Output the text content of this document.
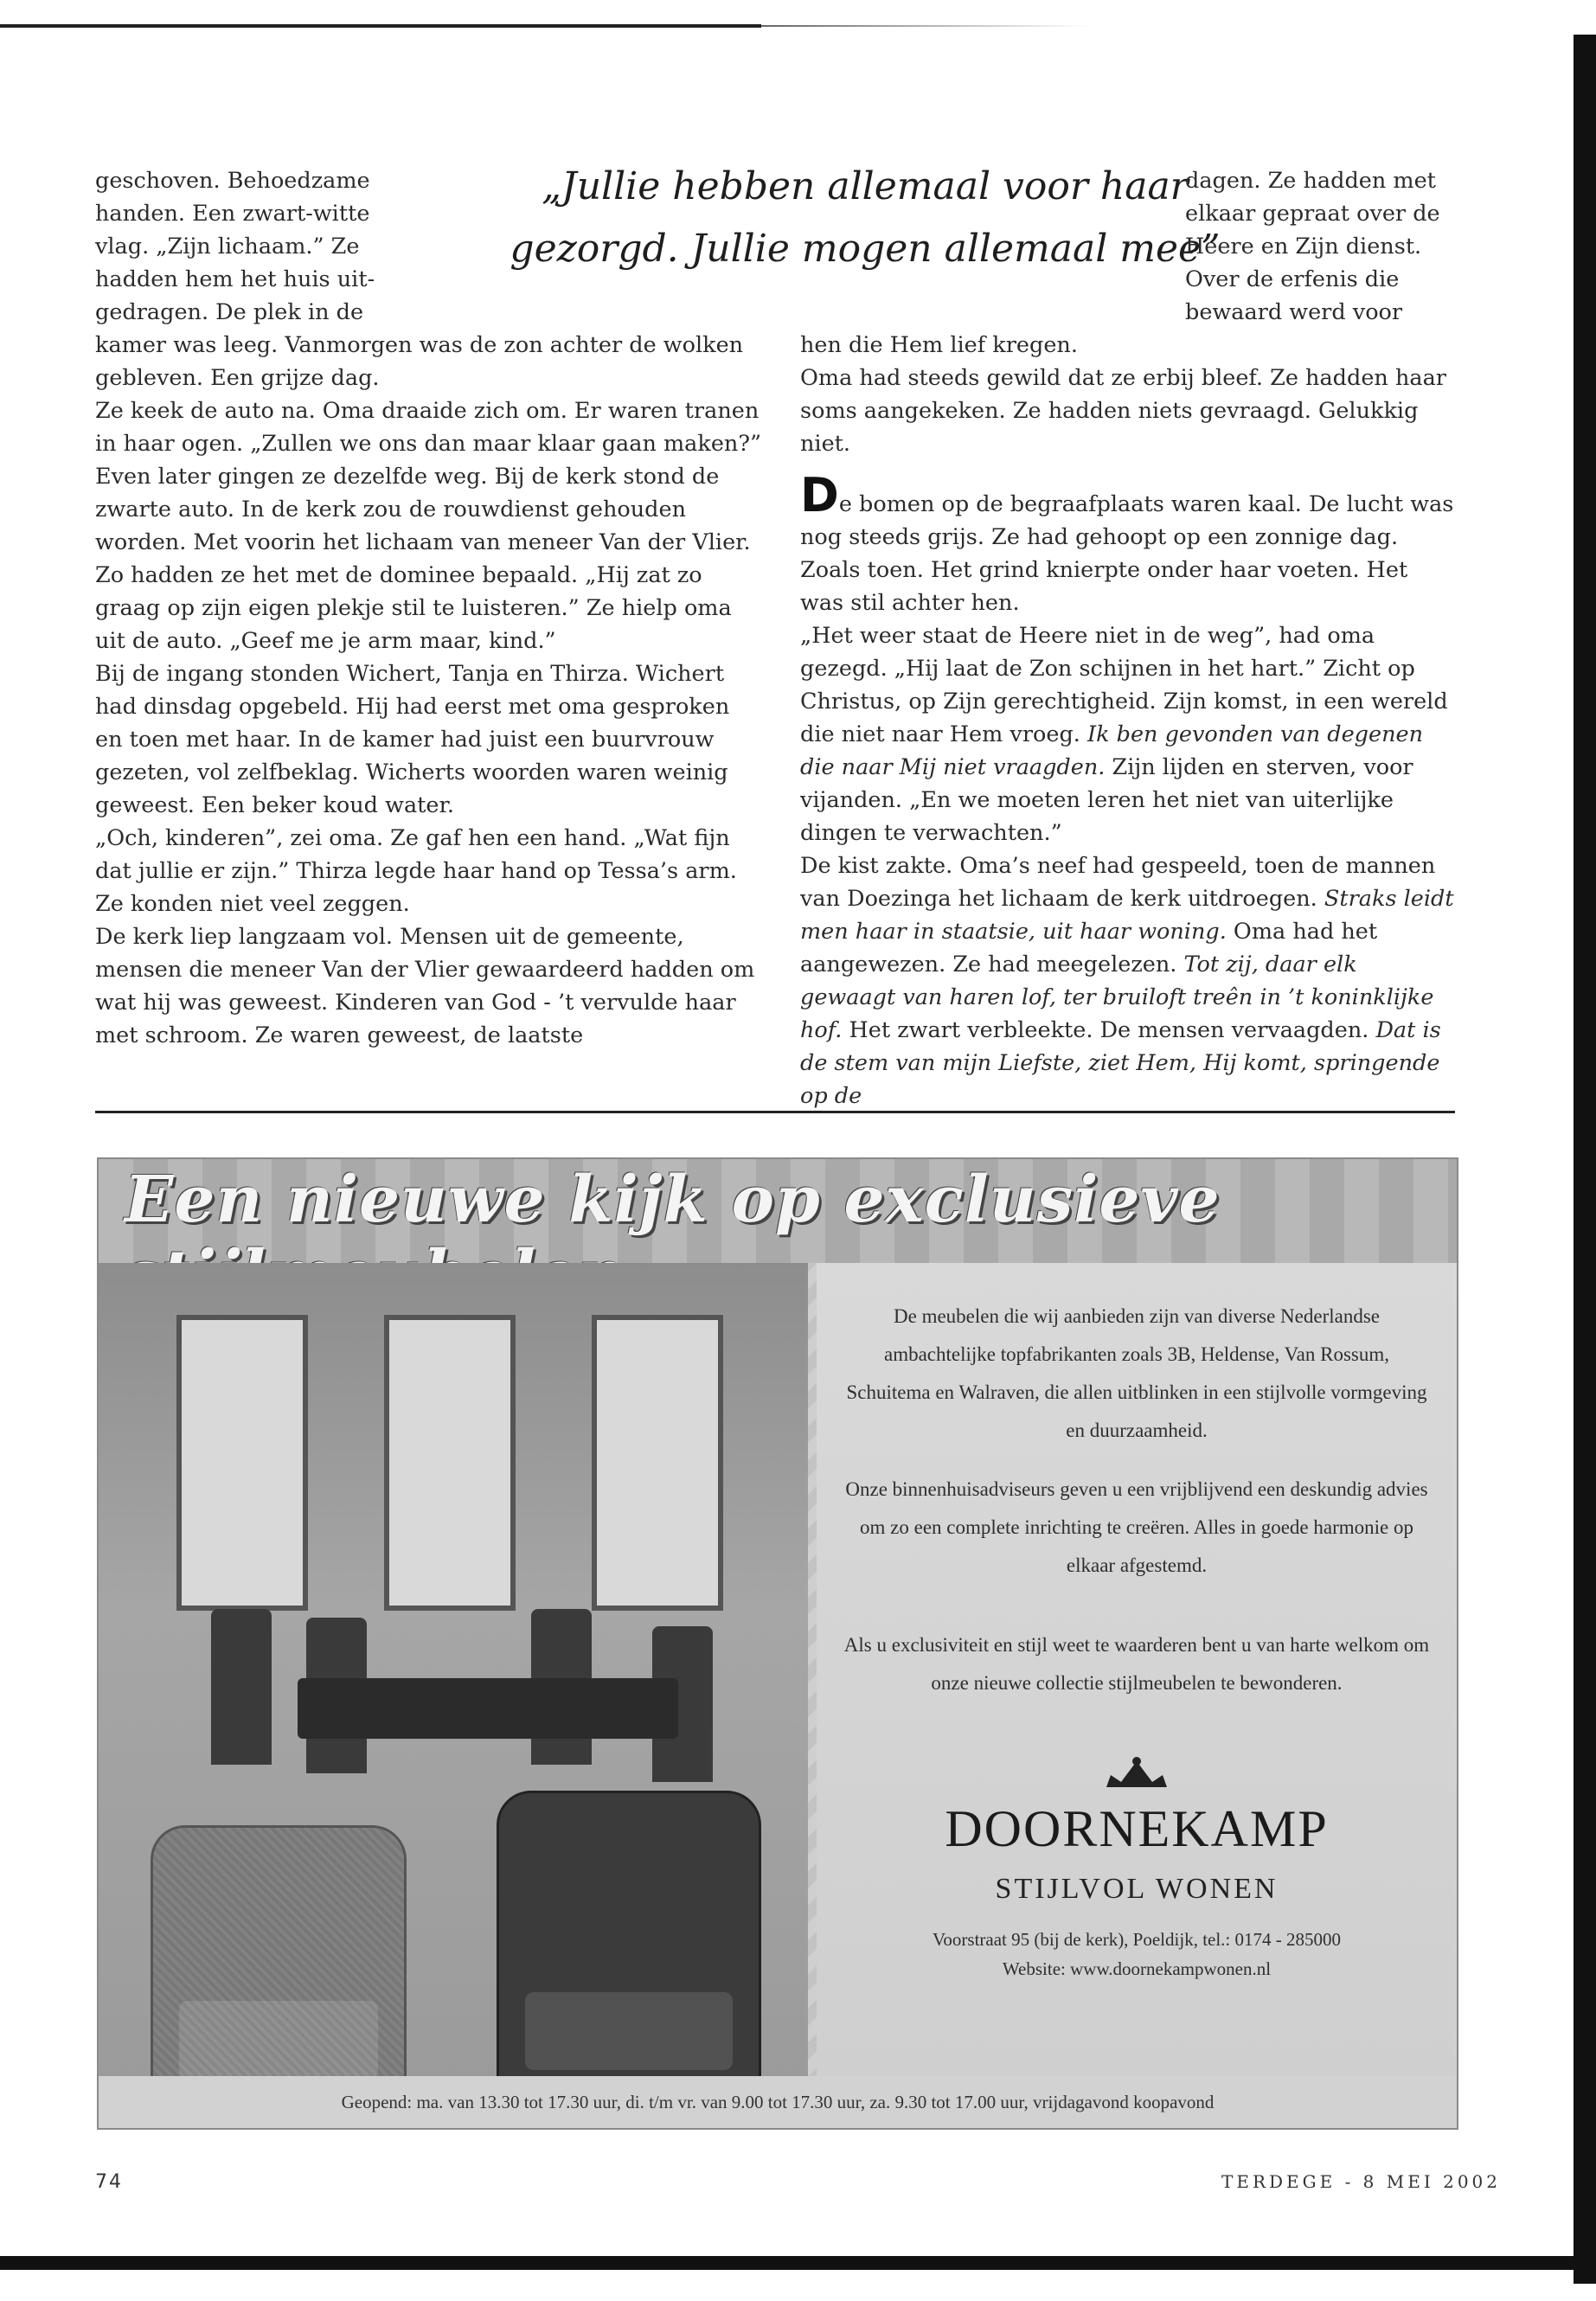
„Jullie hebben allemaal voor haar
gezorgd. Jullie mogen allemaal mee”

geschoven. Behoedzame

handen. Een zwart-witte

vlag. „Zijn lichaam.” Ze

hadden hem het huis uit-

gedragen. De plek in de

kamer was leeg. Vanmorgen was de zon achter de wolken gebleven. Een grijze dag.

Ze keek de auto na. Oma draaide zich om. Er waren tranen in haar ogen. „Zullen we ons dan maar klaar gaan maken?”

Even later gingen ze dezelfde weg. Bij de kerk stond de zwarte auto. In de kerk zou de rouwdienst gehouden worden. Met voorin het lichaam van meneer Van der Vlier. Zo hadden ze het met de dominee bepaald. „Hij zat zo graag op zijn eigen plekje stil te luisteren.” Ze hielp oma uit de auto. „Geef me je arm maar, kind.”

Bij de ingang stonden Wichert, Tanja en Thirza. Wichert had dinsdag opgebeld. Hij had eerst met oma gesproken en toen met haar. In de kamer had juist een buurvrouw gezeten, vol zelfbeklag. Wicherts woorden waren weinig geweest. Een beker koud water.

„Och, kinderen”, zei oma. Ze gaf hen een hand. „Wat fijn dat jullie er zijn.” Thirza legde haar hand op Tessa’s arm. Ze konden niet veel zeggen.

De kerk liep langzaam vol. Mensen uit de gemeente, mensen die meneer Van der Vlier gewaardeerd hadden om wat hij was geweest. Kinderen van God - ’t vervulde haar met schroom. Ze waren geweest, de laatste

dagen. Ze hadden met

elkaar gepraat over de

Heere en Zijn dienst.

Over de erfenis die

bewaard werd voor

hen die Hem lief kregen.

Oma had steeds gewild dat ze erbij bleef. Ze hadden haar soms aangekeken. Ze hadden niets gevraagd. Gelukkig niet.

De bomen op de begraafplaats waren kaal. De lucht was nog steeds grijs. Ze had gehoopt op een zonnige dag. Zoals toen. Het grind knierpte onder haar voeten. Het was stil achter hen.

„Het weer staat de Heere niet in de weg”, had oma gezegd. „Hij laat de Zon schijnen in het hart.” Zicht op Christus, op Zijn gerechtigheid. Zijn komst, in een wereld die niet naar Hem vroeg. Ik ben gevonden van degenen die naar Mij niet vraagden. Zijn lijden en sterven, voor vijanden. „En we moeten leren het niet van uiterlijke dingen te verwachten.”

De kist zakte. Oma’s neef had gespeeld, toen de mannen van Doezinga het lichaam de kerk uitdroegen. Straks leidt men haar in staatsie, uit haar woning. Oma had het aangewezen. Ze had meegelezen. Tot zij, daar elk gewaagt van haren lof, ter bruiloft treên in ’t koninklijke hof. Het zwart verbleekte. De mensen vervaagden. Dat is de stem van mijn Liefste, ziet Hem, Hij komt, springende op de

Een nieuwe kijk op exclusieve
De meubelen die wij aanbieden zijn van diverse Nederlandse ambachtelijke topfabrikanten zoals 3B, Heldense, Van Rossum, Schuitema en Walraven, die allen uitblinken in een stijlvolle vormgeving en duurzaamheid.
Onze binnenhuisadviseurs geven u een vrijblijvend een deskundig advies om zo een complete inrichting te creëren. Alles in goede harmonie op elkaar afgestemd.
Als u exclusiviteit en stijl weet te waarderen bent u van harte welkom om onze nieuwe collectie stijlmeubelen te bewonderen.
DOORNEKAMP
STIJLVOL WONEN
Voorstraat 95 (bij de kerk), Poeldijk, tel.: 0174 - 285000
Website: www.doornekampwonen.nl
Geopend: ma. van 13.30 tot 17.30 uur, di. t/m vr. van 9.00 tot 17.30 uur, za. 9.30 tot 17.00 uur, vrijdagavond koopavond
74	TERDEGE - 8 MEI 2002
